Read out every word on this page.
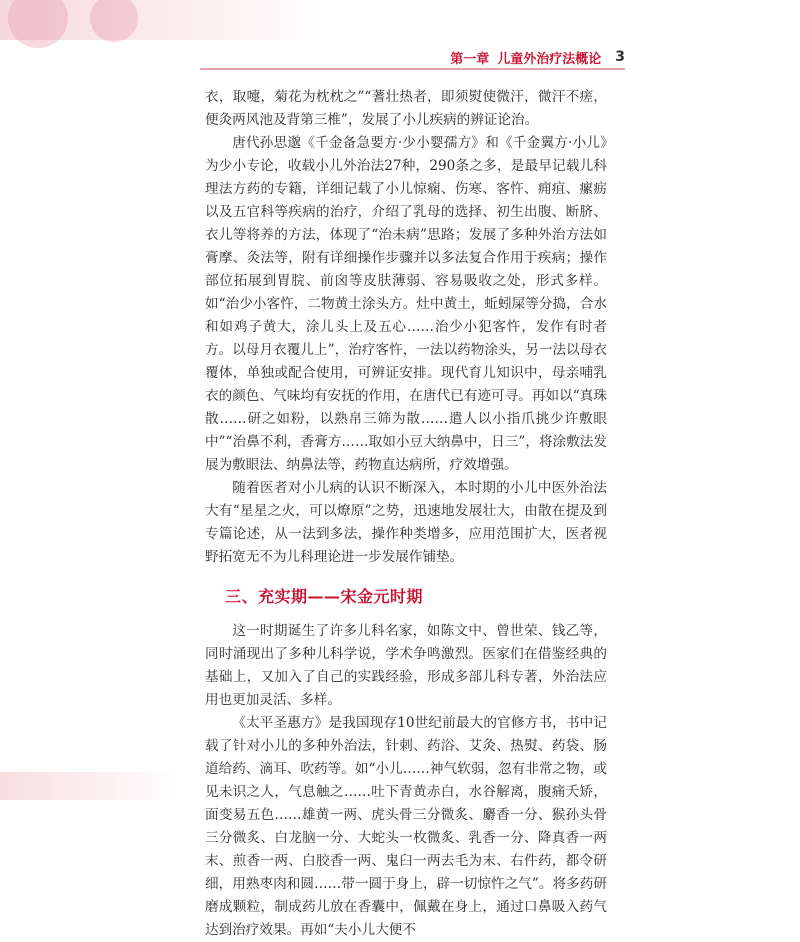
第一章 儿童外治疗法概论 3

衣，取嚏，菊花为枕枕之”“蓍壮热者，即须熨使微汗，微汗不瘥，便灸两风池及背第三椎”，发展了小儿疾病的辨证论治。

唐代孙思邈《千金备急要方·少小婴孺方》和《千金翼方·小儿》为少小专论，收载小儿外治法27种，290条之多，是最早记载儿科理法方药的专籍，详细记载了小儿惊痫、伤寒、客忤、痈疽、瘰疬以及五官科等疾病的治疗，介绍了乳母的选择、初生出腹、断脐、衣儿等将养的方法，体现了“治未病”思路；发展了多种外治方法如膏摩、灸法等，附有详细操作步骤并以多法复合作用于疾病；操作部位拓展到胃脘、前囟等皮肤薄弱、容易吸收之处，形式多样。如“治少小客忤，二物黄土涂头方。灶中黄土，蚯蚓屎等分捣，合水和如鸡子黄大，涂儿头上及五心……治少小犯客忤，发作有时者方。以母月衣覆儿上”，治疗客忤，一法以药物涂头，另一法以母衣覆体，单独或配合使用，可辨证安排。现代育儿知识中，母亲哺乳衣的颜色、气味均有安抚的作用，在唐代已有迹可寻。再如以“真珠散……研之如粉，以熟帛三筛为散……遣人以小指爪挑少许敷眼中”“治鼻不利，香膏方……取如小豆大纳鼻中，日三”，将涂敷法发展为敷眼法、纳鼻法等，药物直达病所，疗效增强。

随着医者对小儿病的认识不断深入，本时期的小儿中医外治法大有“星星之火，可以燎原”之势，迅速地发展壮大，由散在提及到专篇论述，从一法到多法，操作种类增多，应用范围扩大，医者视野拓宽无不为儿科理论进一步发展作铺垫。

三、充实期——宋金元时期

这一时期诞生了许多儿科名家，如陈文中、曾世荣、钱乙等，同时涌现出了多种儿科学说，学术争鸣激烈。医家们在借鉴经典的基础上，又加入了自己的实践经验，形成多部儿科专著，外治法应用也更加灵活、多样。

《太平圣惠方》是我国现存10世纪前最大的官修方书，书中记载了针对小儿的多种外治法，针刺、药浴、艾灸、热熨、药袋、肠道给药、滴耳、吹药等。如“小儿……神气软弱，忽有非常之物，或见未识之人，气息触之……吐下青黄赤白，水谷解离，腹痛夭矫，面变易五色……雄黄一两、虎头骨三分微炙、麝香一分、猴孙头骨三分微炙、白龙脑一分、大蛇头一枚微炙、乳香一分、降真香一两末、煎香一两、白胶香一两、鬼臼一两去毛为末、右件药，都令研细，用熟枣肉和圆……带一圆于身上，辟一切惊忤之气”。将多药研磨成颗粒，制成药儿放在香囊中，佩戴在身上，通过口鼻吸入药气达到治疗效果。再如“夫小儿大便不
